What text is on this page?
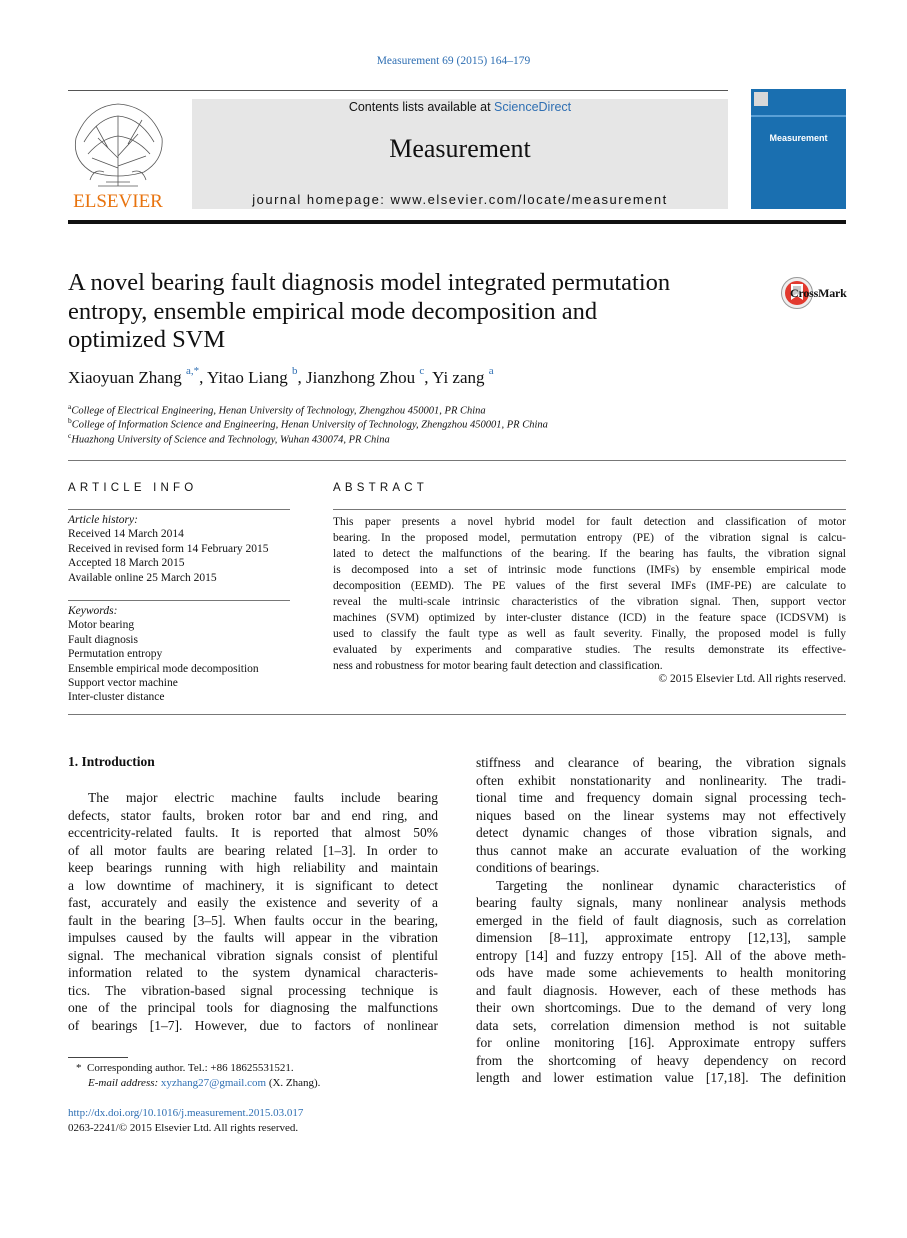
Measurement 69 (2015) 164–179
Contents lists available at ScienceDirect
Measurement
journal homepage: www.elsevier.com/locate/measurement
ELSEVIER
Measurement
A novel bearing fault diagnosis model integrated permutation
entropy, ensemble empirical mode decomposition and
optimized SVM
CrossMark
Xiaoyuan Zhang $^{a,*}$, Yitao Liang $^b$, Jianzhong Zhou $^c$, Yi zang $^a$
$^a$College of Electrical Engineering, Henan University of Technology, Zhengzhou 450001, PR China
$^b$College of Information Science and Engineering, Henan University of Technology, Zhengzhou 450001, PR China
$^c$Huazhong University of Science and Technology, Wuhan 430074, PR China
ARTICLE INFO
Article history:
Received 14 March 2014
Received in revised form 14 February 2015
Accepted 18 March 2015
Available online 25 March 2015
Keywords:
Motor bearing
Fault diagnosis
Permutation entropy
Ensemble empirical mode decomposition
Support vector machine
Inter-cluster distance
ABSTRACT
This paper presents a novel hybrid model for fault detection and classification of motor
bearing. In the proposed model, permutation entropy (PE) of the vibration signal is calcu-
lated to detect the malfunctions of the bearing. If the bearing has faults, the vibration signal
is decomposed into a set of intrinsic mode functions (IMFs) by ensemble empirical mode
decomposition (EEMD). The PE values of the first several IMFs (IMF-PE) are calculate to
reveal the multi-scale intrinsic characteristics of the vibration signal. Then, support vector
machines (SVM) optimized by inter-cluster distance (ICD) in the feature space (ICDSVM) is
used to classify the fault type as well as fault severity. Finally, the proposed model is fully
evaluated by experiments and comparative studies. The results demonstrate its effective-
ness and robustness for motor bearing fault detection and classification.
© 2015 Elsevier Ltd. All rights reserved.
1. Introduction
The major electric machine faults include bearing
defects, stator faults, broken rotor bar and end ring, and
eccentricity-related faults. It is reported that almost 50%
of all motor faults are bearing related [1–3]. In order to
keep bearings running with high reliability and maintain
a low downtime of machinery, it is significant to detect
fast, accurately and easily the existence and severity of a
fault in the bearing [3–5]. When faults occur in the bearing,
impulses caused by the faults will appear in the vibration
signal. The mechanical vibration signals consist of plentiful
information related to the system dynamical characteris-
tics. The vibration-based signal processing technique is
one of the principal tools for diagnosing the malfunctions
of bearings [1–7]. However, due to factors of nonlinear
stiffness and clearance of bearing, the vibration signals
often exhibit nonstationarity and nonlinearity. The tradi-
tional time and frequency domain signal processing tech-
niques based on the linear systems may not effectively
detect dynamic changes of those vibration signals, and
thus cannot make an accurate evaluation of the working
conditions of bearings.
Targeting the nonlinear dynamic characteristics of
bearing faulty signals, many nonlinear analysis methods
emerged in the field of fault diagnosis, such as correlation
dimension [8–11], approximate entropy [12,13], sample
entropy [14] and fuzzy entropy [15]. All of the above meth-
ods have made some achievements to health monitoring
and fault diagnosis. However, each of these methods has
their own shortcomings. Due to the demand of very long
data sets, correlation dimension method is not suitable
for online monitoring [16]. Approximate entropy suffers
from the shortcoming of heavy dependency on record
length and lower estimation value [17,18]. The definition
*  Corresponding author. Tel.: +86 18625531521.
E-mail address: xyzhang27@gmail.com (X. Zhang).
http://dx.doi.org/10.1016/j.measurement.2015.03.017
0263-2241/© 2015 Elsevier Ltd. All rights reserved.
